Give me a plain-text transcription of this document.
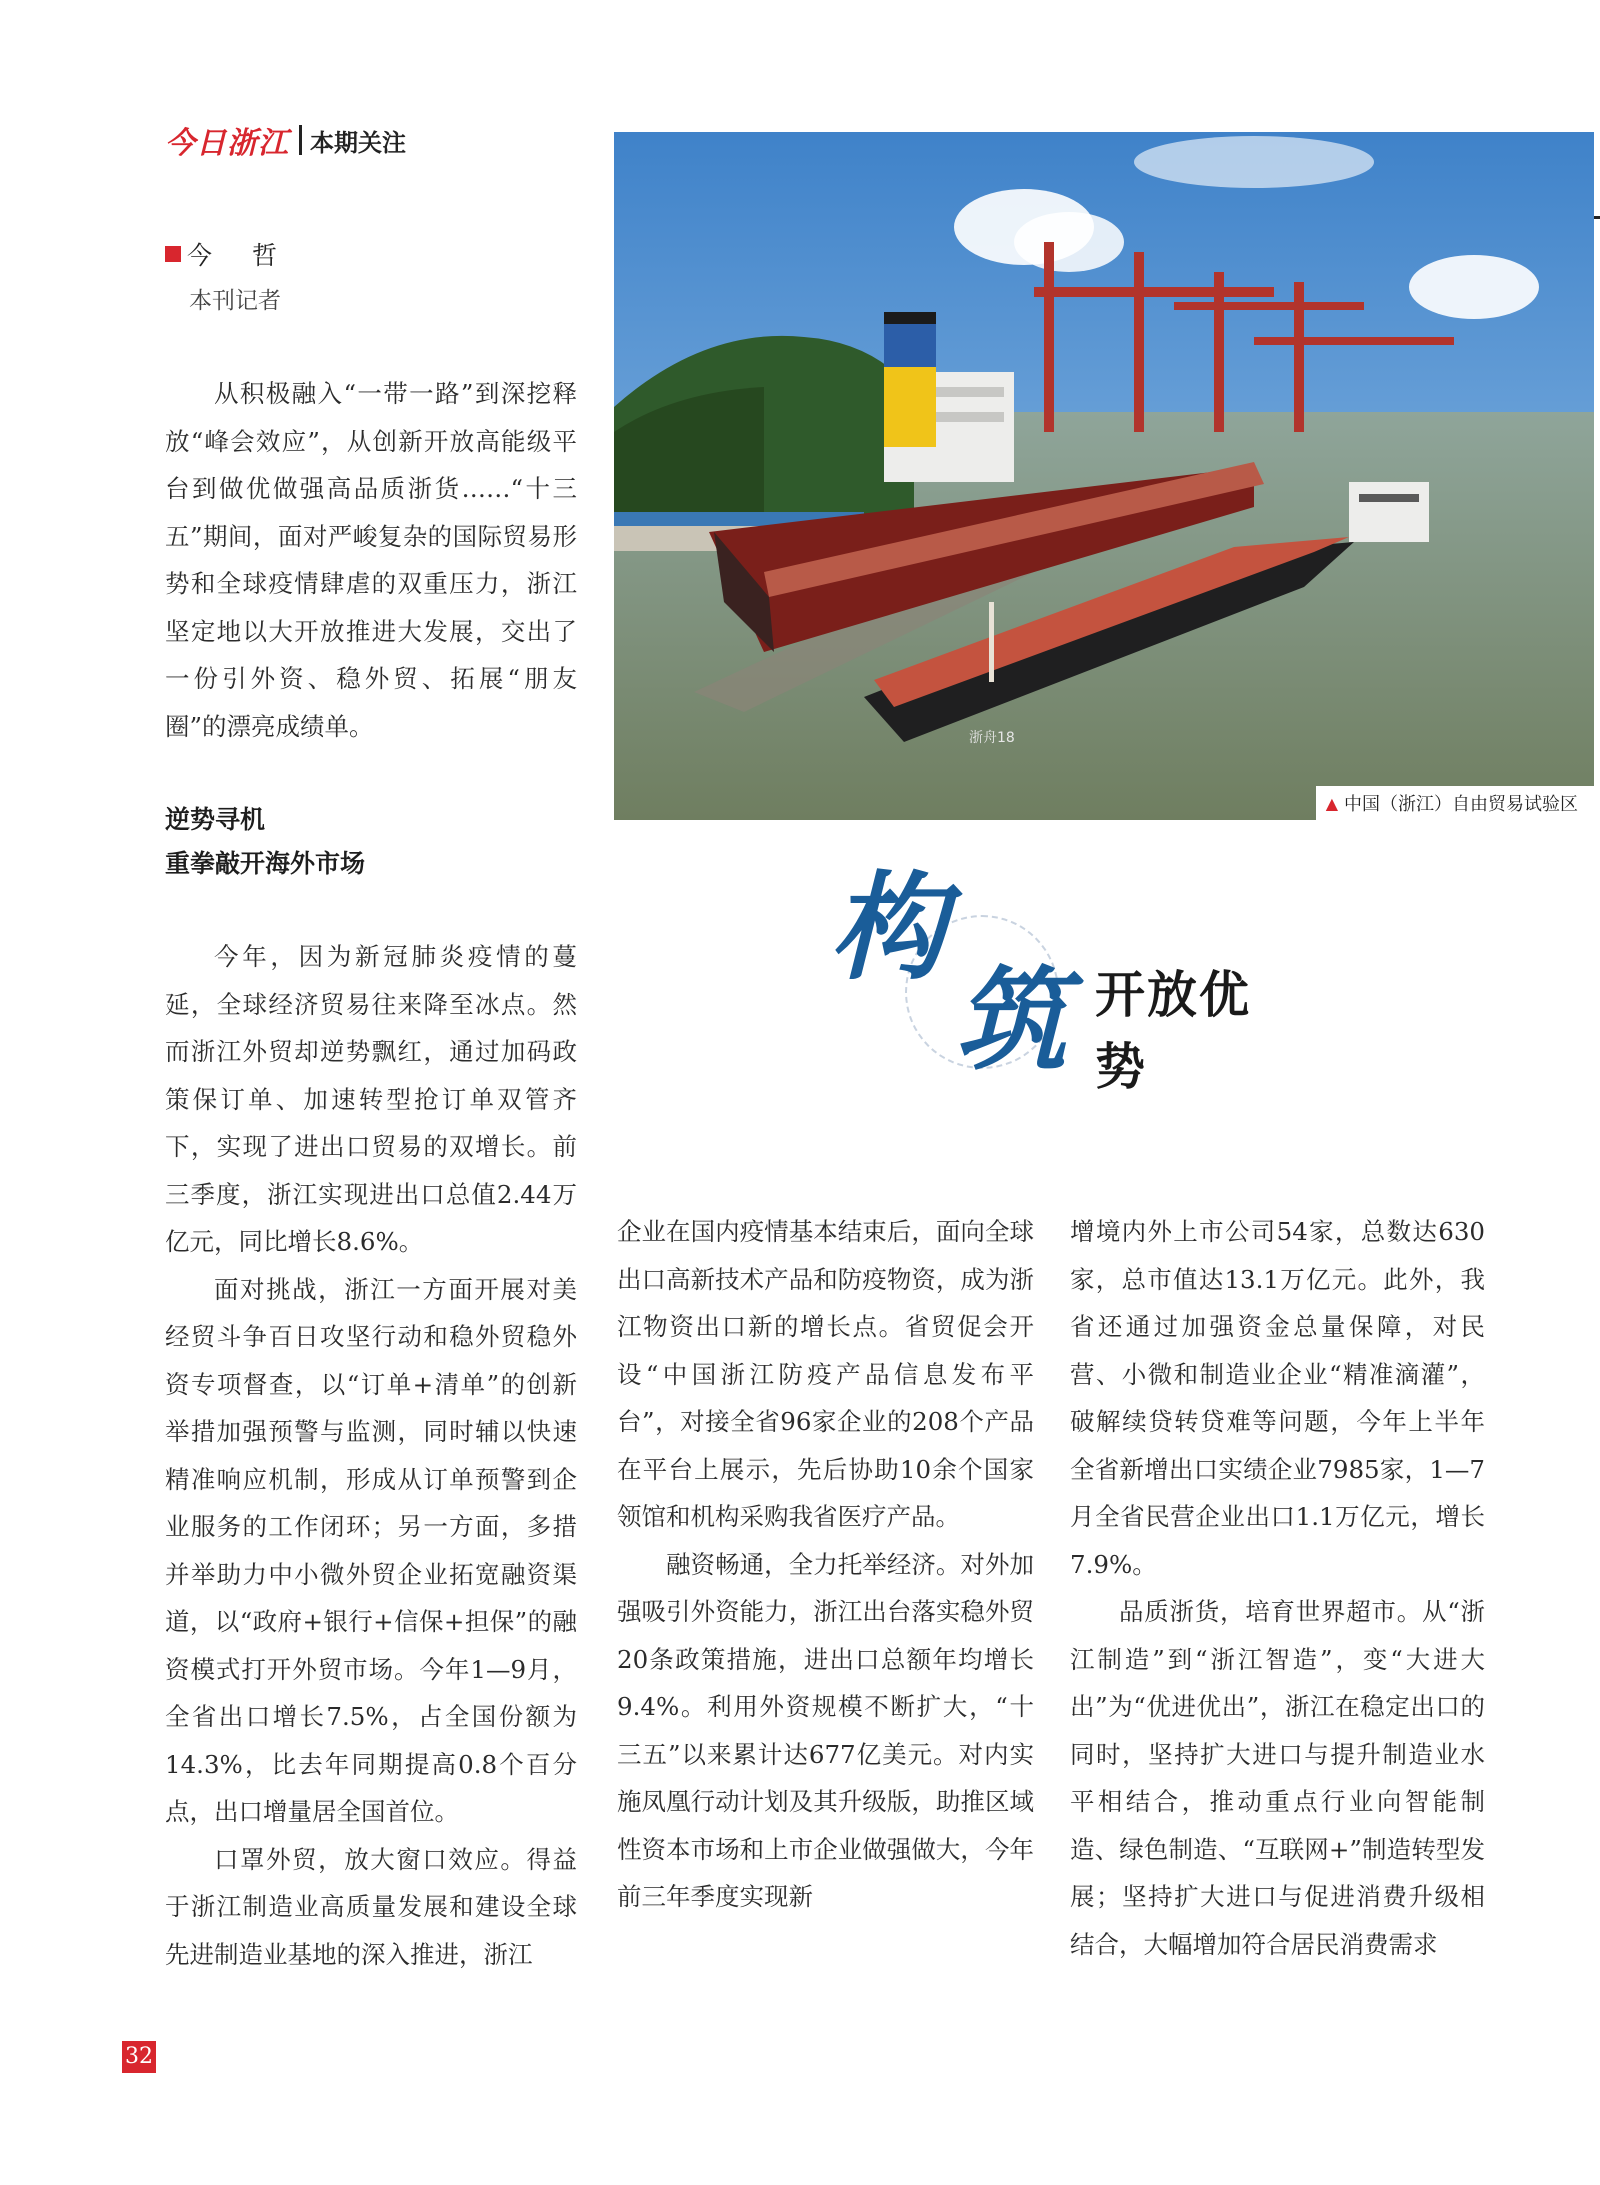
今日浙江 本期关注
今 哲
本刊记者

从积极融入“一带一路”到深挖释放“峰会效应”，从创新开放高能级平台到做优做强高品质浙货……“十三五”期间，面对严峻复杂的国际贸易形势和全球疫情肆虐的双重压力，浙江坚定地以大开放推进大发展，交出了一份引外资、稳外贸、拓展“朋友圈”的漂亮成绩单。

逆势寻机
重拳敲开海外市场
浙舟18
▲ 中国（浙江）自由贸易试验区
构
筑 开放优势

今年，因为新冠肺炎疫情的蔓延，全球经济贸易往来降至冰点。然而浙江外贸却逆势飘红，通过加码政策保订单、加速转型抢订单双管齐下，实现了进出口贸易的双增长。前三季度，浙江实现进出口总值2.44万亿元，同比增长8.6%。

面对挑战，浙江一方面开展对美经贸斗争百日攻坚行动和稳外贸稳外资专项督查，以“订单+清单”的创新举措加强预警与监测，同时辅以快速精准响应机制，形成从订单预警到企业服务的工作闭环；另一方面，多措并举助力中小微外贸企业拓宽融资渠道，以“政府+银行+信保+担保”的融资模式打开外贸市场。今年1—9月，全省出口增长7.5%，占全国份额为14.3%，比去年同期提高0.8个百分点，出口增量居全国首位。

口罩外贸，放大窗口效应。得益于浙江制造业高质量发展和建设全球先进制造业基地的深入推进，浙江

企业在国内疫情基本结束后，面向全球出口高新技术产品和防疫物资，成为浙江物资出口新的增长点。省贸促会开设“中国浙江防疫产品信息发布平台”，对接全省96家企业的208个产品在平台上展示，先后协助10余个国家领馆和机构采购我省医疗产品。

融资畅通，全力托举经济。对外加强吸引外资能力，浙江出台落实稳外贸20条政策措施，进出口总额年均增长9.4%。利用外资规模不断扩大，“十三五”以来累计达677亿美元。对内实施凤凰行动计划及其升级版，助推区域性资本市场和上市企业做强做大，今年前三年季度实现新

增境内外上市公司54家，总数达630家，总市值达13.1万亿元。此外，我省还通过加强资金总量保障，对民营、小微和制造业企业“精准滴灌”，破解续贷转贷难等问题，今年上半年全省新增出口实绩企业7985家，1—7月全省民营企业出口1.1万亿元，增长7.9%。

品质浙货，培育世界超市。从“浙江制造”到“浙江智造”，变“大进大出”为“优进优出”，浙江在稳定出口的同时，坚持扩大进口与提升制造业水平相结合，推动重点行业向智能制造、绿色制造、“互联网+”制造转型发展；坚持扩大进口与促进消费升级相结合，大幅增加符合居民消费需求

32
